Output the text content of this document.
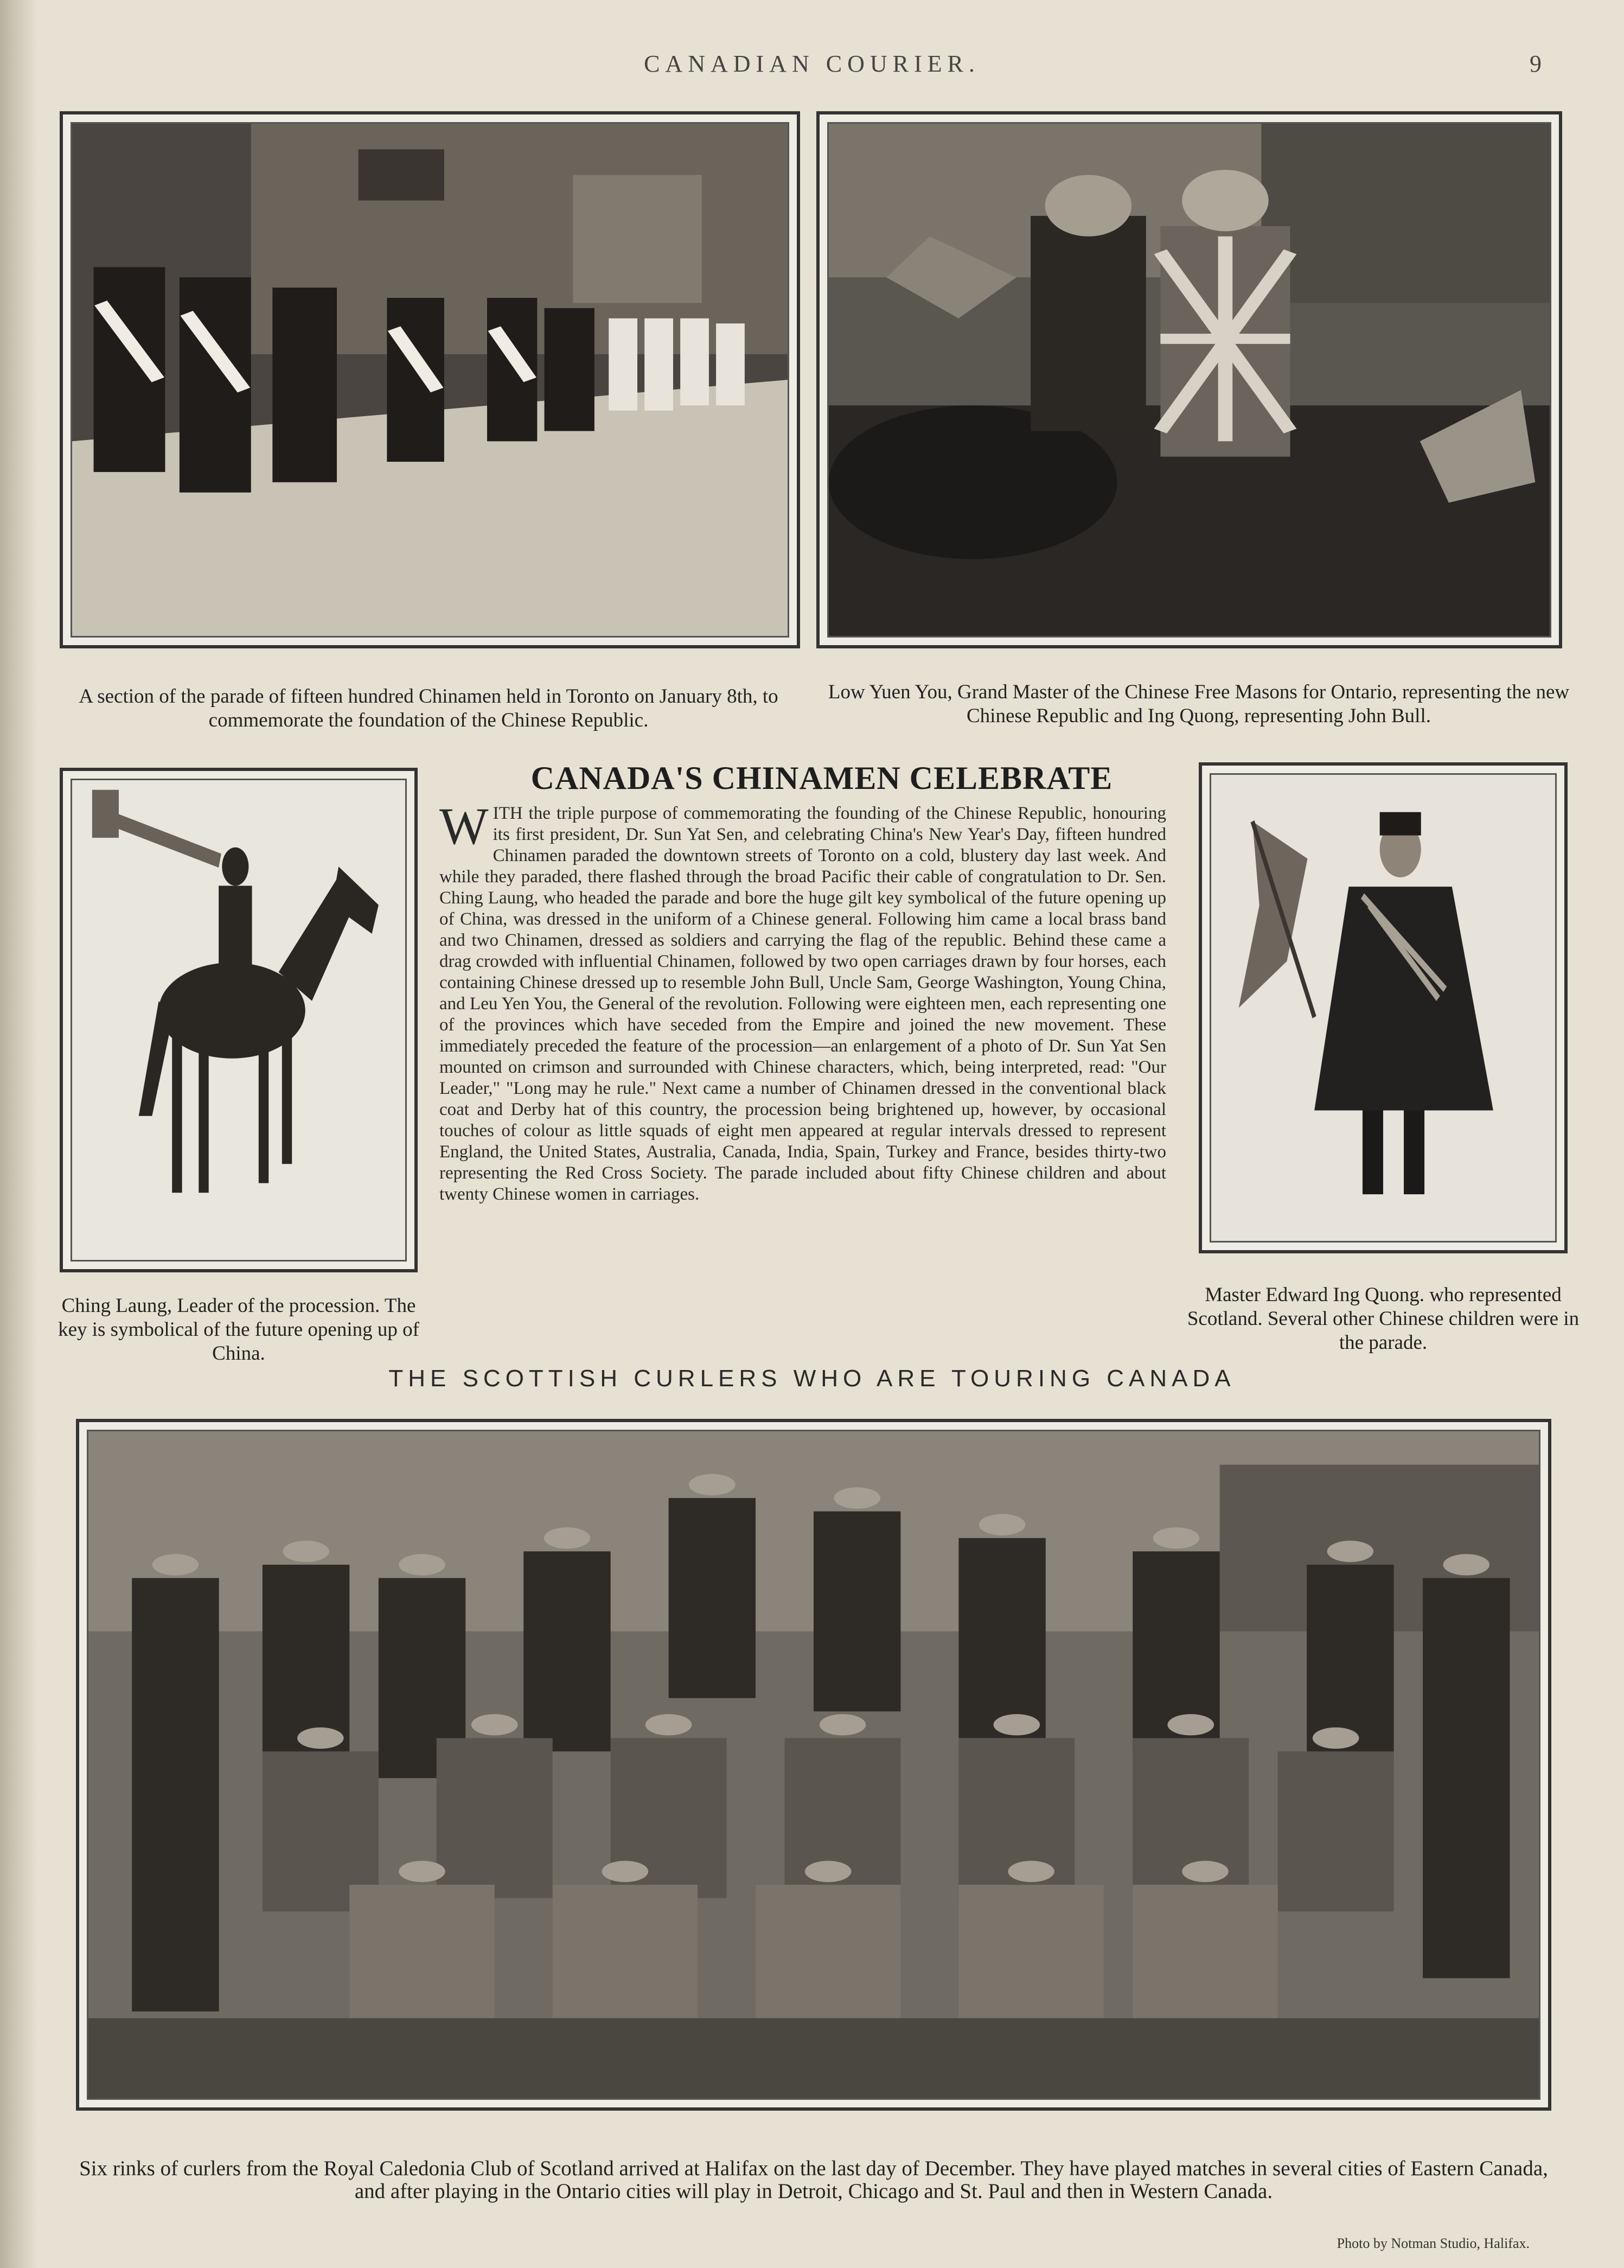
CANADIAN COURIER.	9
A section of the parade of fifteen hundred Chinamen held in Toronto on January 8th, to commemorate the foundation of the Chinese Republic.
Low Yuen You, Grand Master of the Chinese Free Masons for Ontario, representing the new Chinese Republic and Ing Quong, representing John Bull.
Ching Laung, Leader of the procession. The key is symbolical of the future opening up of China.
CANADA'S CHINAMEN CELEBRATE
WITH the triple purpose of commemorating the founding of the Chinese Republic, honouring its first president, Dr. Sun Yat Sen, and celebrating China's New Year's Day, fifteen hundred Chinamen paraded the downtown streets of Toronto on a cold, blustery day last week. And while they paraded, there flashed through the broad Pacific their cable of congratulation to Dr. Sen. Ching Laung, who headed the parade and bore the huge gilt key symbolical of the future opening up of China, was dressed in the uniform of a Chinese general. Following him came a local brass band and two Chinamen, dressed as soldiers and carrying the flag of the republic. Behind these came a drag crowded with influential Chinamen, followed by two open carriages drawn by four horses, each containing Chinese dressed up to resemble John Bull, Uncle Sam, George Washington, Young China, and Leu Yen You, the General of the revolution. Following were eighteen men, each representing one of the provinces which have seceded from the Empire and joined the new movement. These immediately preceded the feature of the procession—an enlargement of a photo of Dr. Sun Yat Sen mounted on crimson and surrounded with Chinese characters, which, being interpreted, read: "Our Leader," "Long may he rule." Next came a number of Chinamen dressed in the conventional black coat and Derby hat of this country, the procession being brightened up, however, by occasional touches of colour as little squads of eight men appeared at regular intervals dressed to represent England, the United States, Australia, Canada, India, Spain, Turkey and France, besides thirty-two representing the Red Cross Society. The parade included about fifty Chinese children and about twenty Chinese women in carriages.
Master Edward Ing Quong. who represented Scotland. Several other Chinese children were in the parade.
THE SCOTTISH CURLERS WHO ARE TOURING CANADA
Six rinks of curlers from the Royal Caledonia Club of Scotland arrived at Halifax on the last day of December. They have played matches in several cities of Eastern Canada, and after playing in the Ontario cities will play in Detroit, Chicago and St. Paul and then in Western Canada.
Photo by Notman Studio, Halifax.
